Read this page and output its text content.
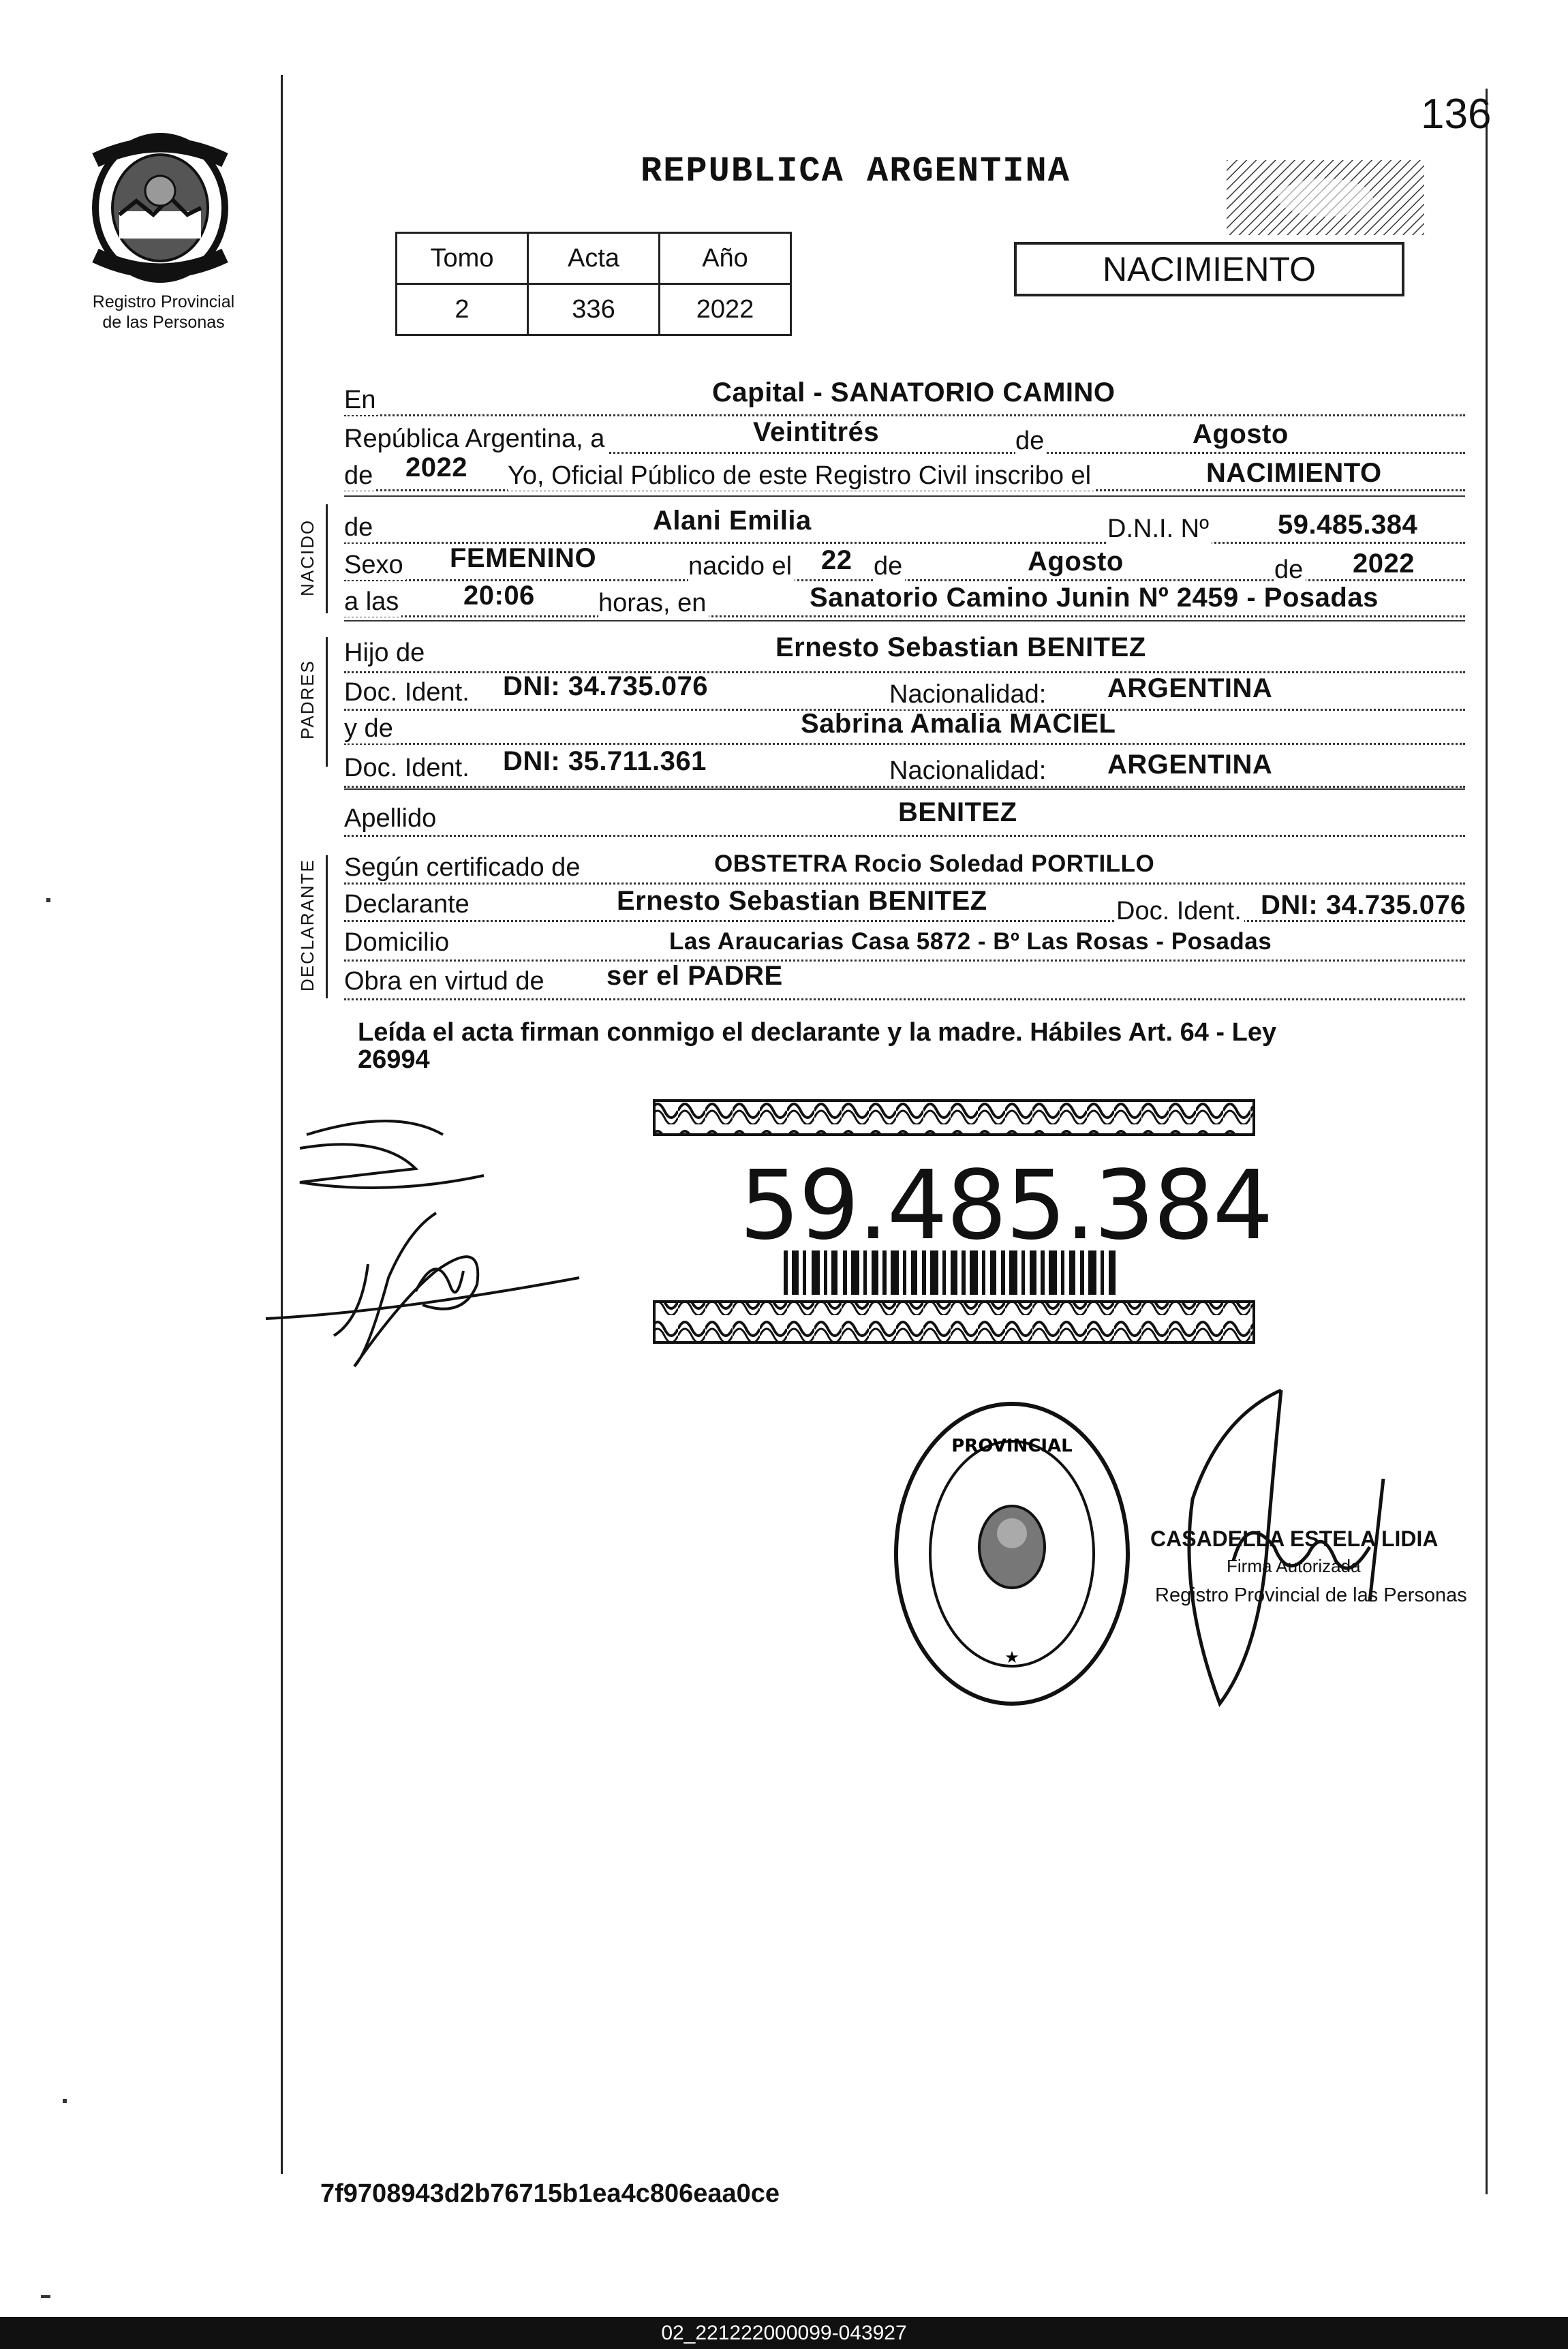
Registro Provincial
de las Personas
136
REPUBLICA ARGENTINA
Tomo	Acta	Año
2	336	2022
NACIMIENTO
En	Capital - SANATORIO CAMINO
República Argentina, a	Veintitrés	de	Agosto
de 2022 Yo, Oficial Público de este Registro Civil inscribo el	NACIMIENTO
NACIDO de	Alani Emilia	D.N.I. Nº	59.485.384
Sexo FEMENINO	nacido el 22 de	Agosto	de 2022
a las 20:06 horas, en	Sanatorio Camino Junin Nº 2459 - Posadas
PADRES
Hijo de	Ernesto Sebastian BENITEZ
Doc. Ident. DNI: 34.735.076	Nacionalidad: ARGENTINA
y de	Sabrina Amalia MACIEL
Doc. Ident. DNI: 35.711.361	Nacionalidad: ARGENTINA
Apellido	BENITEZ
DECLARANTE Según certificado de	OBSTETRA Rocio Soledad PORTILLO
Declarante	Ernesto Sebastian BENITEZ	Doc. Ident. DNI: 34.735.076
Domicilio	Las Araucarias Casa 5872 - Bº Las Rosas - Posadas
Obra en virtud de ser el PADRE
Leída el acta firman conmigo el declarante y la madre. Hábiles Art. 64 - Ley
26994
59.485.384
PROVINCIAL
★
CASADELLA ESTELA LIDIA
Firma Autorizada
Registro Provincial de las Personas
7f9708943d2b76715b1ea4c806eaa0ce
02_221222000099-043927
